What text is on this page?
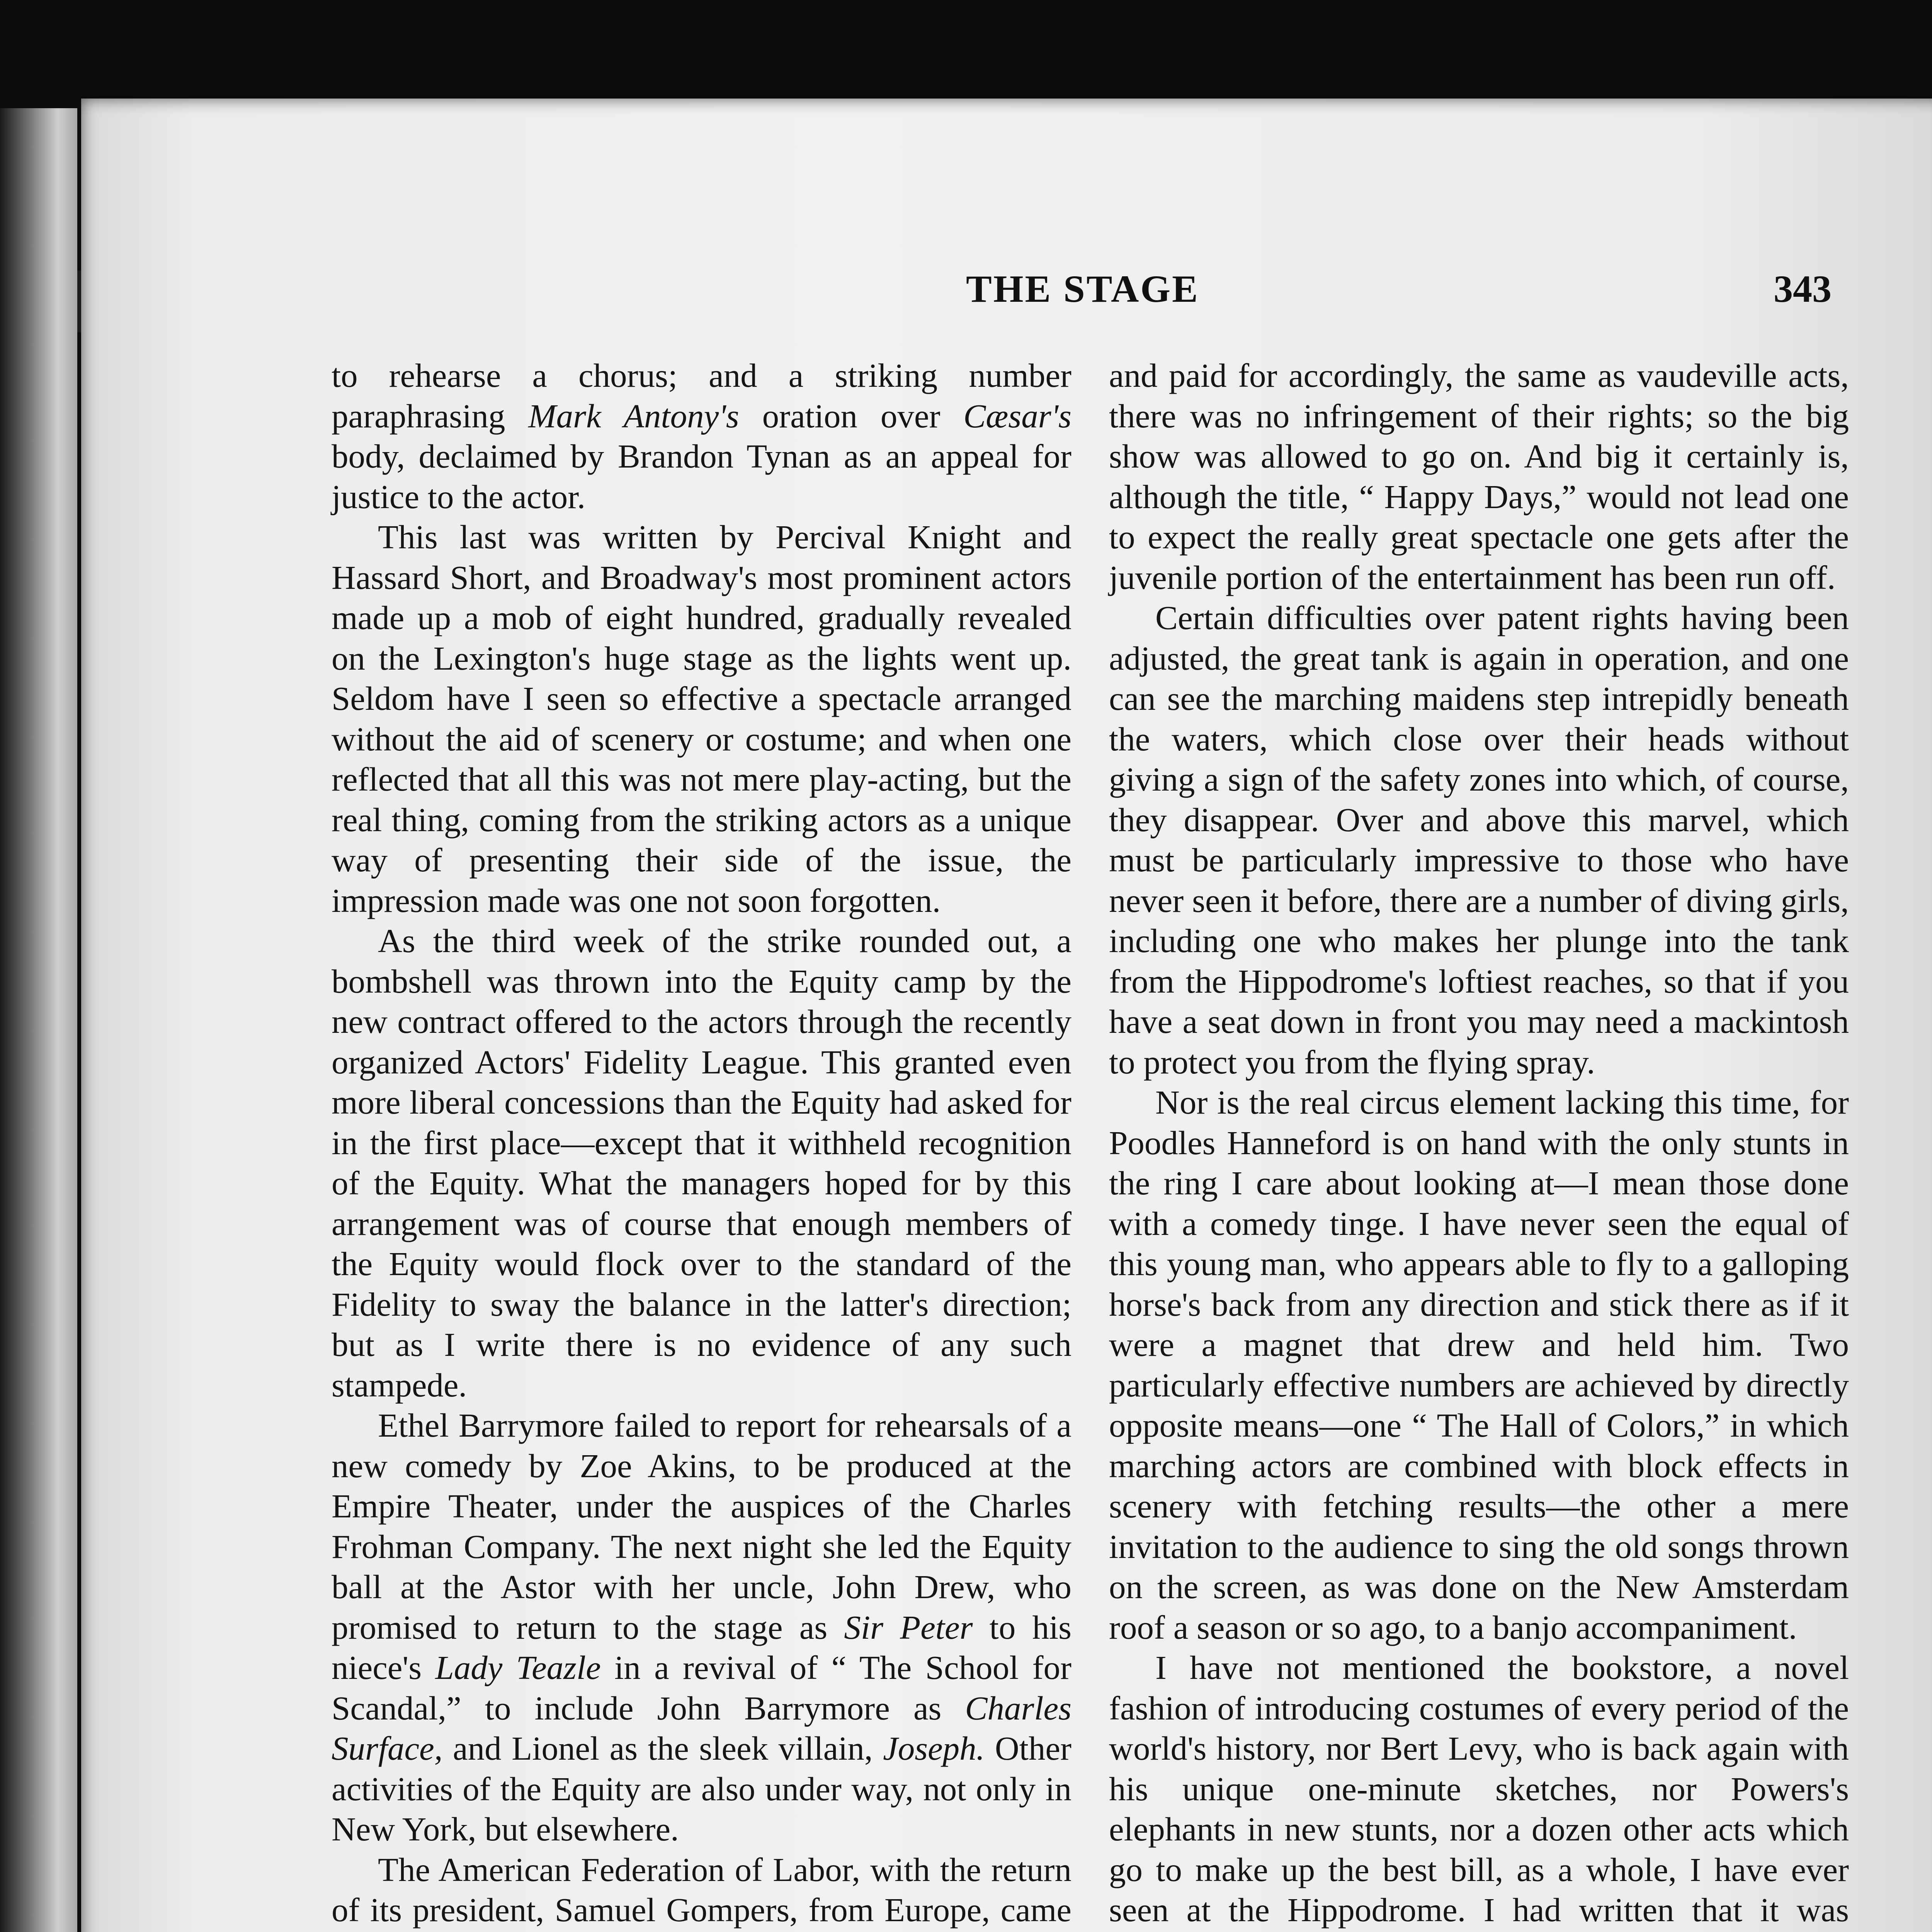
THE STAGE	343

to rehearse a chorus; and a striking number paraphrasing Mark Antony's oration over Cæsar's body, declaimed by Brandon Tynan as an appeal for justice to the actor.

This last was written by Percival Knight and Hassard Short, and Broadway's most prominent actors made up a mob of eight hundred, gradually revealed on the Lexington's huge stage as the lights went up. Seldom have I seen so effective a spectacle arranged without the aid of scenery or costume; and when one reflected that all this was not mere play-acting, but the real thing, coming from the striking actors as a unique way of presenting their side of the issue, the impression made was one not soon forgotten.

As the third week of the strike rounded out, a bombshell was thrown into the Equity camp by the new contract offered to the actors through the recently organized Actors' Fidelity League. This granted even more liberal concessions than the Equity had asked for in the first place—except that it withheld recognition of the Equity. What the managers hoped for by this arrangement was of course that enough members of the Equity would flock over to the standard of the Fidelity to sway the balance in the latter's direction; but as I write there is no evidence of any such stampede.

Ethel Barrymore failed to report for rehearsals of a new comedy by Zoe Akins, to be produced at the Empire Theater, under the auspices of the Charles Frohman Company. The next night she led the Equity ball at the Astor with her uncle, John Drew, who promised to return to the stage as Sir Peter to his niece's Lady Teazle in a revival of “ The School for Scandal,” to include John Barrymore as Charles Surface, and Lionel as the sleek villain, Joseph. Other activities of the Equity are also under way, not only in New York, but elsewhere.

The American Federation of Labor, with the return of its president, Samuel Gompers, from Europe, came

and paid for accordingly, the same as vaudeville acts, there was no infringement of their rights; so the big show was allowed to go on. And big it certainly is, although the title, “ Happy Days,” would not lead one to expect the really great spectacle one gets after the juvenile portion of the entertainment has been run off.

Certain difficulties over patent rights having been adjusted, the great tank is again in operation, and one can see the marching maidens step intrepidly beneath the waters, which close over their heads without giving a sign of the safety zones into which, of course, they disappear. Over and above this marvel, which must be particularly impressive to those who have never seen it before, there are a number of diving girls, including one who makes her plunge into the tank from the Hippodrome's loftiest reaches, so that if you have a seat down in front you may need a mackintosh to protect you from the flying spray.

Nor is the real circus element lacking this time, for Poodles Hanneford is on hand with the only stunts in the ring I care about looking at—I mean those done with a comedy tinge. I have never seen the equal of this young man, who appears able to fly to a galloping horse's back from any direction and stick there as if it were a magnet that drew and held him. Two particularly effective numbers are achieved by directly opposite means—one “ The Hall of Colors,” in which marching actors are combined with block effects in scenery with fetching results—the other a mere invitation to the audience to sing the old songs thrown on the screen, as was done on the New Amsterdam roof a season or so ago, to a banjo accompaniment.

I have not mentioned the bookstore, a novel fashion of introducing costumes of every period of the world's history, nor Bert Levy, who is back again with his unique one-minute sketches, nor Powers's elephants in new stunts, nor a dozen other acts which go to make up the best bill, as a whole, I have ever seen at the Hippodrome. I had written that it was
